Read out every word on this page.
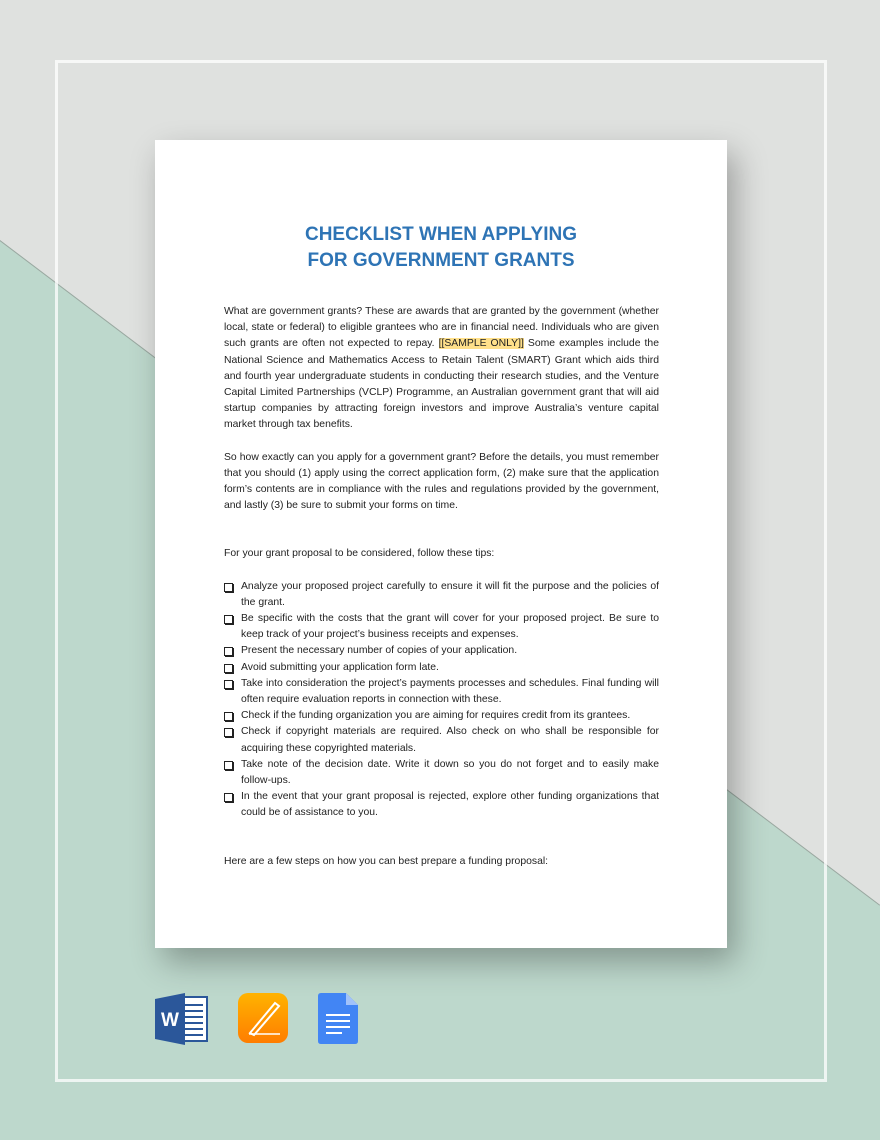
CHECKLIST WHEN APPLYING
FOR GOVERNMENT GRANTS

What are government grants? These are awards that are granted by the government (whether local, state or federal) to eligible grantees who are in financial need. Individuals who are given such grants are often not expected to repay. [[SAMPLE ONLY]] Some examples include the National Science and Mathematics Access to Retain Talent (SMART) Grant which aids third and fourth year undergraduate students in conducting their research studies, and the Venture Capital Limited Partnerships (VCLP) Programme, an Australian government grant that will aid startup companies by attracting foreign investors and improve Australia’s venture capital market through tax benefits.

So how exactly can you apply for a government grant? Before the details, you must remember that you should (1) apply using the correct application form, (2) make sure that the application form’s contents are in compliance with the rules and regulations provided by the government, and lastly (3) be sure to submit your forms on time.

For your grant proposal to be considered, follow these tips:

Analyze your proposed project carefully to ensure it will fit the purpose and the policies of the grant.
Be specific with the costs that the grant will cover for your proposed project. Be sure to keep track of your project’s business receipts and expenses.
Present the necessary number of copies of your application.
Avoid submitting your application form late.
Take into consideration the project’s payments processes and schedules. Final funding will often require evaluation reports in connection with these.
Check if the funding organization you are aiming for requires credit from its grantees.
Check if copyright materials are required. Also check on who shall be responsible for acquiring these copyrighted materials.
Take note of the decision date. Write it down so you do not forget and to easily make follow-ups.
In the event that your grant proposal is rejected, explore other funding organizations that could be of assistance to you.

Here are a few steps on how you can best prepare a funding proposal:

W
